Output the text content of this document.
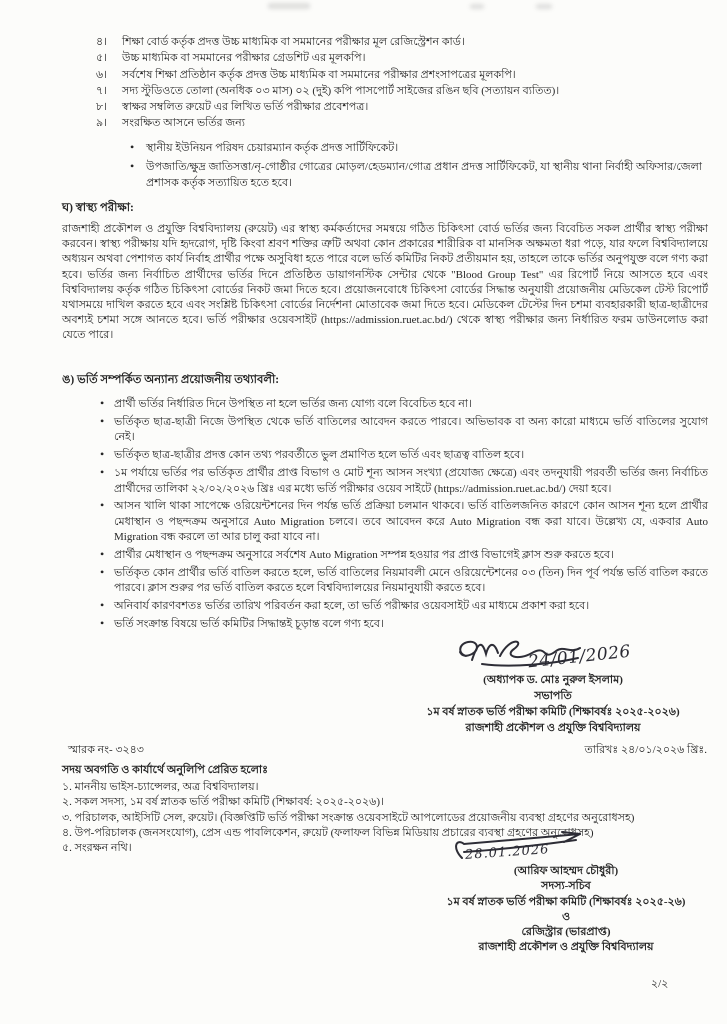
৪।	শিক্ষা বোর্ড কর্তৃক প্রদত্ত উচ্চ মাধ্যমিক বা সমমানের পরীক্ষার মূল রেজিস্ট্রেশন কার্ড।
৫।	উচ্চ মাধ্যমিক বা সমমানের পরীক্ষার গ্রেডশিট এর মূলকপি।
৬।	সর্বশেষ শিক্ষা প্রতিষ্ঠান কর্তৃক প্রদত্ত উচ্চ মাধ্যমিক বা সমমানের পরীক্ষার প্রশংসাপত্রের মূলকপি।
৭।	সদ্য স্টুডিওতে তোলা (অনধিক ০৩ মাস) ০২ (দুই) কপি পাসপোর্ট সাইজের রঙিন ছবি (সত্যায়ন ব্যতিত)।
৮।	স্বাক্ষর সম্বলিত রুয়েট এর লিখিত ভর্তি পরীক্ষার প্রবেশপত্র।
৯।	সংরক্ষিত আসনে ভর্তির জন্য
• স্থানীয় ইউনিয়ন পরিষদ চেয়ারম্যান কর্তৃক প্রদত্ত সার্টিফিকেট।
• উপজাতি/ক্ষুদ্র জাতিসত্তা/নৃ-গোষ্ঠীর গোত্রের মোড়ল/হেডম্যান/গোত্র প্রধান প্রদত্ত সার্টিফিকেট, যা স্থানীয় থানা নির্বাহী অফিসার/জেলা প্রশাসক কর্তৃক সত্যায়িত হতে হবে।
ঘ) স্বাস্থ্য পরীক্ষা:
রাজশাহী প্রকৌশল ও প্রযুক্তি বিশ্ববিদ্যালয় (রুয়েট) এর স্বাস্থ্য কর্মকর্তাদের সমন্বয়ে গঠিত চিকিৎসা বোর্ড ভর্তির জন্য বিবেচিত সকল প্রার্থীর স্বাস্থ্য পরীক্ষা করবেন। স্বাস্থ্য পরীক্ষায় যদি হৃদরোগ, দৃষ্টি কিংবা শ্রবণ শক্তির ত্রুটি অথবা কোন প্রকারের শারীরিক বা মানসিক অক্ষমতা ধরা পড়ে, যার ফলে বিশ্ববিদ্যালয়ে অধ্যয়ন অথবা পেশাগত কার্য নির্বাহ প্রার্থীর পক্ষে অসুবিধা হতে পারে বলে ভর্তি কমিটির নিকট প্রতীয়মান হয়, তাহলে তাকে ভর্তির অনুপযুক্ত বলে গণ্য করা হবে। ভর্তির জন্য নির্বাচিত প্রার্থীদের ভর্তির দিনে প্রতিষ্ঠিত ডায়াগনস্টিক সেন্টার থেকে "Blood Group Test" এর রিপোর্ট নিয়ে আসতে হবে এবং বিশ্ববিদ্যালয় কর্তৃক গঠিত চিকিৎসা বোর্ডের নিকট জমা দিতে হবে। প্রয়োজনবোধে চিকিৎসা বোর্ডের সিদ্ধান্ত অনুযায়ী প্রয়োজনীয় মেডিকেল টেস্ট রিপোর্ট যথাসময়ে দাখিল করতে হবে এবং সংশ্লিষ্ট চিকিৎসা বোর্ডের নির্দেশনা মোতাবেক জমা দিতে হবে। মেডিকেল টেস্টের দিন চশমা ব্যবহারকারী ছাত্র-ছাত্রীদের অবশ্যই চশমা সঙ্গে আনতে হবে। ভর্তি পরীক্ষার ওয়েবসাইট (https://admission.ruet.ac.bd/) থেকে স্বাস্থ্য পরীক্ষার জন্য নির্ধারিত ফরম ডাউনলোড করা যেতে পারে।
ঙ) ভর্তি সম্পর্কিত অন্যান্য প্রয়োজনীয় তথ্যাবলী:
• প্রার্থী ভর্তির নির্ধারিত দিনে উপস্থিত না হলে ভর্তির জন্য যোগ্য বলে বিবেচিত হবে না।
• ভর্তিকৃত ছাত্র-ছাত্রী নিজে উপস্থিত থেকে ভর্তি বাতিলের আবেদন করতে পারবে। অভিভাবক বা অন্য কারো মাধ্যমে ভর্তি বাতিলের সুযোগ নেই।
• ভর্তিকৃত ছাত্র-ছাত্রীর প্রদত্ত কোন তথ্য পরবর্তীতে ভুল প্রমাণিত হলে ভর্তি এবং ছাত্রত্ব বাতিল হবে।
• ১ম পর্যায়ে ভর্তির পর ভর্তিকৃত প্রার্থীর প্রাপ্ত বিভাগ ও মোট শূন্য আসন সংখ্যা (প্রযোজ্য ক্ষেত্রে) এবং তদনুযায়ী পরবর্তী ভর্তির জন্য নির্বাচিত প্রার্থীদের তালিকা ২২/০২/২০২৬ খ্রিঃ এর মধ্যে ভর্তি পরীক্ষার ওয়েব সাইটে (https://admission.ruet.ac.bd/) দেয়া হবে।
• আসন খালি থাকা সাপেক্ষে ওরিয়েন্টশনের দিন পর্যন্ত ভর্তি প্রক্রিয়া চলমান থাকবে। ভর্তি বাতিলজনিত কারণে কোন আসন শূন্য হলে প্রার্থীর মেধাস্থান ও পছন্দক্রম অনুসারে Auto Migration চলবে। তবে আবেদন করে Auto Migration বন্ধ করা যাবে। উল্লেখ্য যে, একবার Auto Migration বন্ধ করলে তা আর চালু করা যাবে না।
• প্রার্থীর মেধাস্থান ও পছন্দক্রম অনুসারে সর্বশেষ Auto Migration সম্পন্ন হওয়ার পর প্রাপ্ত বিভাগেই ক্লাস শুরু করতে হবে।
• ভর্তিকৃত কোন প্রার্থীর ভর্তি বাতিল করতে হলে, ভর্তি বাতিলের নিয়মাবলী মেনে ওরিয়েন্টেশনের ০৩ (তিন) দিন পূর্ব পর্যন্ত ভর্তি বাতিল করতে পারবে। ক্লাস শুরুর পর ভর্তি বাতিল করতে হলে বিশ্ববিদ্যালয়ের নিয়মানুযায়ী করতে হবে।
• অনিবার্য কারণবশতঃ ভর্তির তারিখ পরিবর্তন করা হলে, তা ভর্তি পরীক্ষার ওয়েবসাইট এর মাধ্যমে প্রকাশ করা হবে।
• ভর্তি সংক্রান্ত বিষয়ে ভর্তি কমিটির সিদ্ধান্তই চূড়ান্ত বলে গণ্য হবে।
24/01/2026
(অধ্যাপক ড. মোঃ নুরুল ইসলাম)
সভাপতি
১ম বর্ষ স্নাতক ভর্তি পরীক্ষা কমিটি (শিক্ষাবর্ষঃ ২০২৫-২০২৬)
রাজশাহী প্রকৌশল ও প্রযুক্তি বিশ্ববিদ্যালয়
স্মারক নং- ৩২৪৩	তারিখঃ ২৪/০১/২০২৬ খ্রিঃ.
সদয় অবগতি ও কার্যার্থে অনুলিপি প্রেরিত হলোঃ
১. মাননীয় ভাইস-চ্যান্সেলর, অত্র বিশ্ববিদ্যালয়।
২. সকল সদস্য, ১ম বর্ষ স্নাতক ভর্তি পরীক্ষা কমিটি (শিক্ষাবর্ষ: ২০২৫-২০২৬)।
৩. পরিচালক, আইসিটি সেল, রুয়েট। (বিজ্ঞপ্তিটি ভর্তি পরীক্ষা সংক্রান্ত ওয়েবসাইটে আপলোডের প্রয়োজনীয় ব্যবস্থা গ্রহণের অনুরোধসহ)
৪. উপ-পরিচালক (জনসংযোগ), প্রেস এন্ড পাবলিকেশন, রুয়েট (ফলাফল বিভিন্ন মিডিয়ায় প্রচারের ব্যবস্থা গ্রহণের অনুরোধসহ)
৫. সংরক্ষন নথি।	28.01.2026
(আরিফ আহম্মদ চৌধুরী)
সদস্য-সচিব
১ম বর্ষ স্নাতক ভর্তি পরীক্ষা কমিটি (শিক্ষাবর্ষঃ ২০২৫-২৬)
ও
রেজিস্ট্রার (ভারপ্রাপ্ত)
রাজশাহী প্রকৌশল ও প্রযুক্তি বিশ্ববিদ্যালয়
২/২
